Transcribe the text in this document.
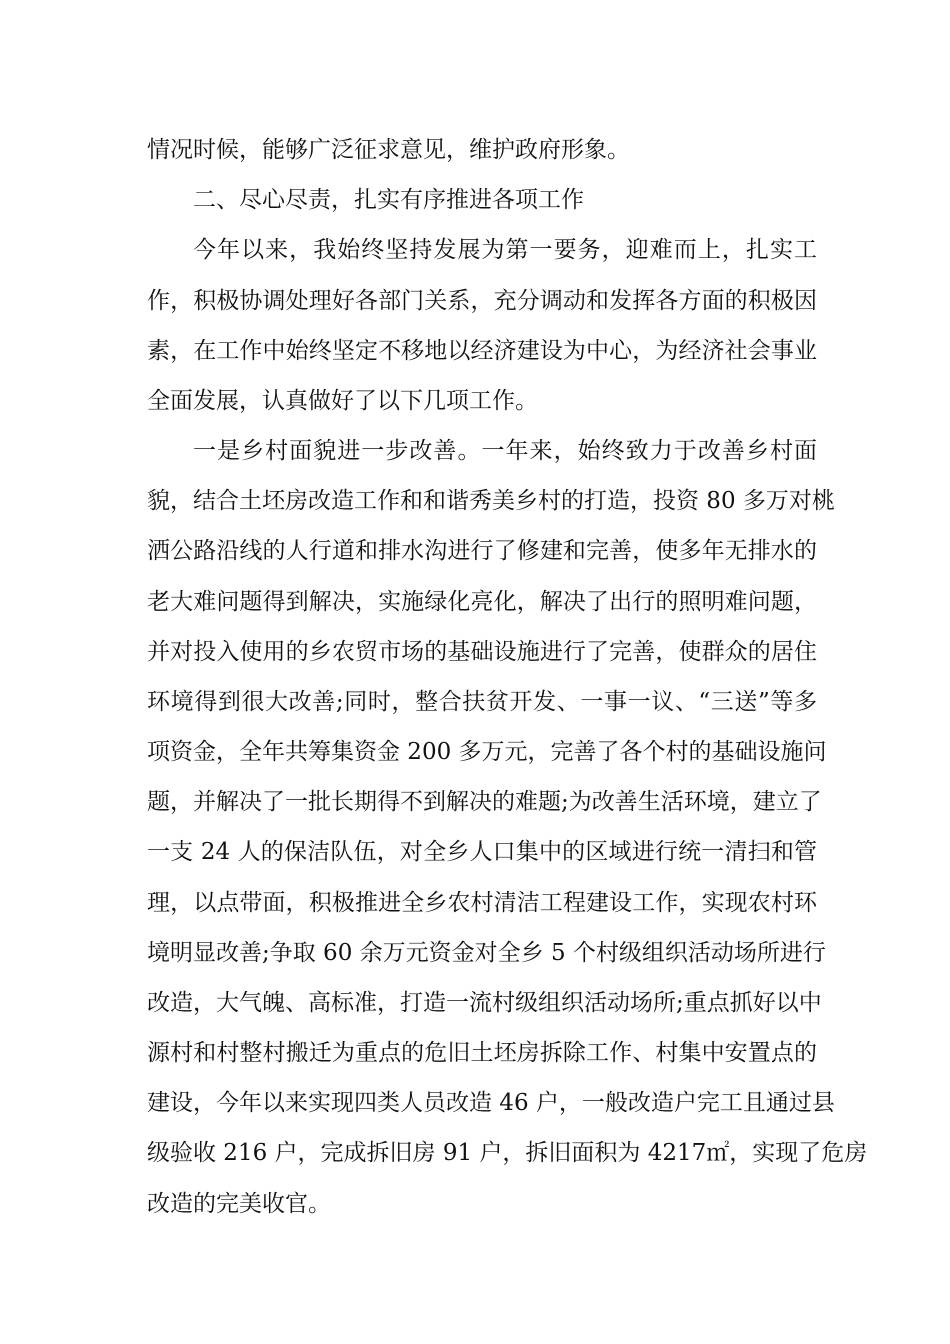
情况时候，能够广泛征求意见，维护政府形象。
二、尽心尽责，扎实有序推进各项工作
今年以来，我始终坚持发展为第一要务，迎难而上，扎实工
作，积极协调处理好各部门关系，充分调动和发挥各方面的积极因
素，在工作中始终坚定不移地以经济建设为中心，为经济社会事业
全面发展，认真做好了以下几项工作。
一是乡村面貌进一步改善。一年来，始终致力于改善乡村面
貌，结合土坯房改造工作和和谐秀美乡村的打造，投资 80 多万对桃
洒公路沿线的人行道和排水沟进行了修建和完善，使多年无排水的
老大难问题得到解决，实施绿化亮化，解决了出行的照明难问题，
并对投入使用的乡农贸市场的基础设施进行了完善，使群众的居住
环境得到很大改善;同时，整合扶贫开发、一事一议、“三送”等多
项资金，全年共筹集资金 200 多万元，完善了各个村的基础设施问
题，并解决了一批长期得不到解决的难题;为改善生活环境，建立了
一支 24 人的保洁队伍，对全乡人口集中的区域进行统一清扫和管
理，以点带面，积极推进全乡农村清洁工程建设工作，实现农村环
境明显改善;争取 60 余万元资金对全乡 5 个村级组织活动场所进行
改造，大气魄、高标准，打造一流村级组织活动场所;重点抓好以中
源村和村整村搬迁为重点的危旧土坯房拆除工作、村集中安置点的
建设，今年以来实现四类人员改造 46 户，一般改造户完工且通过县
级验收 216 户，完成拆旧房 91 户，拆旧面积为 4217㎡，实现了危房
改造的完美收官。
